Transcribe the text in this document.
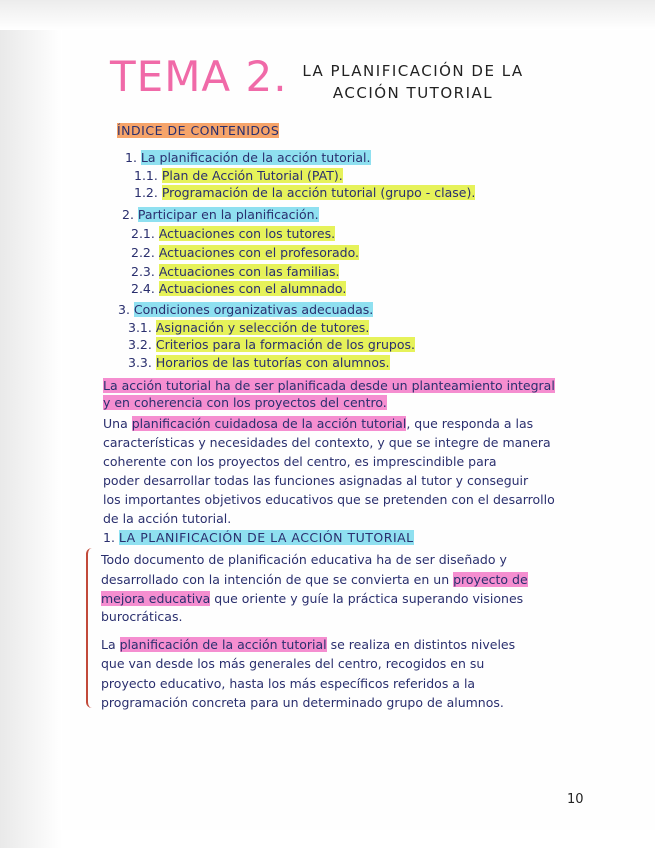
TEMA 2. LA PLANIFICACIÓN DE LA
ACCIÓN TUTORIAL
ÍNDICE DE CONTENIDOS
1. La planificación de la acción tutorial.
1.1. Plan de Acción Tutorial (PAT).
1.2. Programación de la acción tutorial (grupo - clase).
2. Participar en la planificación.
2.1. Actuaciones con los tutores.
2.2. Actuaciones con el profesorado.
2.3. Actuaciones con las familias.
2.4. Actuaciones con el alumnado.
3. Condiciones organizativas adecuadas.
3.1. Asignación y selección de tutores.
3.2. Criterios para la formación de los grupos.
3.3. Horarios de las tutorías con alumnos.
La acción tutorial ha de ser planificada desde un planteamiento integral
y en coherencia con los proyectos del centro.
Una planificación cuidadosa de la acción tutorial, que responda a las
características y necesidades del contexto, y que se integre de manera
coherente con los proyectos del centro, es imprescindible para
poder desarrollar todas las funciones asignadas al tutor y conseguir
los importantes objetivos educativos que se pretenden con el desarrollo
de la acción tutorial.
1. LA PLANIFICACIÓN DE LA ACCIÓN TUTORIAL
Todo documento de planificación educativa ha de ser diseñado y
desarrollado con la intención de que se convierta en un proyecto de
mejora educativa que oriente y guíe la práctica superando visiones
burocráticas.
La planificación de la acción tutorial se realiza en distintos niveles
que van desde los más generales del centro, recogidos en su
proyecto educativo, hasta los más específicos referidos a la
programación concreta para un determinado grupo de alumnos.
10
